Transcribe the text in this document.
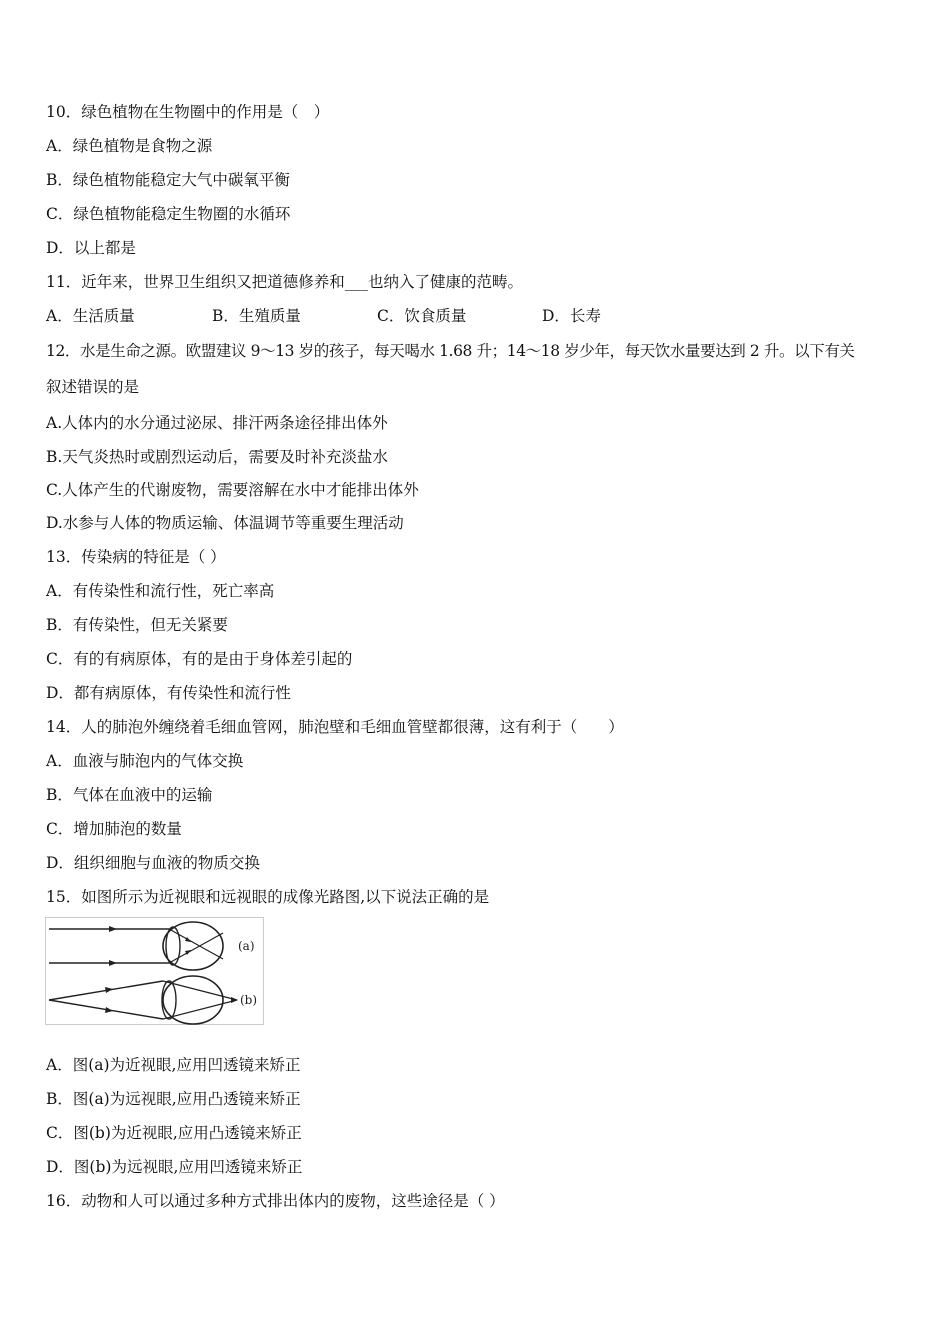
10．绿色植物在生物圈中的作用是（　）
A．绿色植物是食物之源
B．绿色植物能稳定大气中碳氧平衡
C．绿色植物能稳定生物圈的水循环
D．以上都是
11．近年来，世界卫生组织又把道德修养和___也纳入了健康的范畴。
A．生活质量	B．生殖质量	C．饮食质量	D．长寿
12．水是生命之源。欧盟建议 9～13 岁的孩子，每天喝水 1.68 升；14～18 岁少年，每天饮水量要达到 2 升。以下有关
叙述错误的是
A.人体内的水分通过泌尿、排汗两条途径排出体外
B.天气炎热时或剧烈运动后，需要及时补充淡盐水
C.人体产生的代谢废物，需要溶解在水中才能排出体外
D.水参与人体的物质运输、体温调节等重要生理活动
13．传染病的特征是（ ）
A．有传染性和流行性，死亡率高
B．有传染性，但无关紧要
C．有的有病原体，有的是由于身体差引起的
D．都有病原体，有传染性和流行性
14．人的肺泡外缠绕着毛细血管网，肺泡壁和毛细血管壁都很薄，这有利于（　　）
A．血液与肺泡内的气体交换
B．气体在血液中的运输
C．增加肺泡的数量
D．组织细胞与血液的物质交换
15．如图所示为近视眼和远视眼的成像光路图,以下说法正确的是
(a)
(b)
A．图(a)为近视眼,应用凹透镜来矫正
B．图(a)为远视眼,应用凸透镜来矫正
C．图(b)为近视眼,应用凸透镜来矫正
D．图(b)为远视眼,应用凹透镜来矫正
16．动物和人可以通过多种方式排出体内的废物，这些途径是（ ）
